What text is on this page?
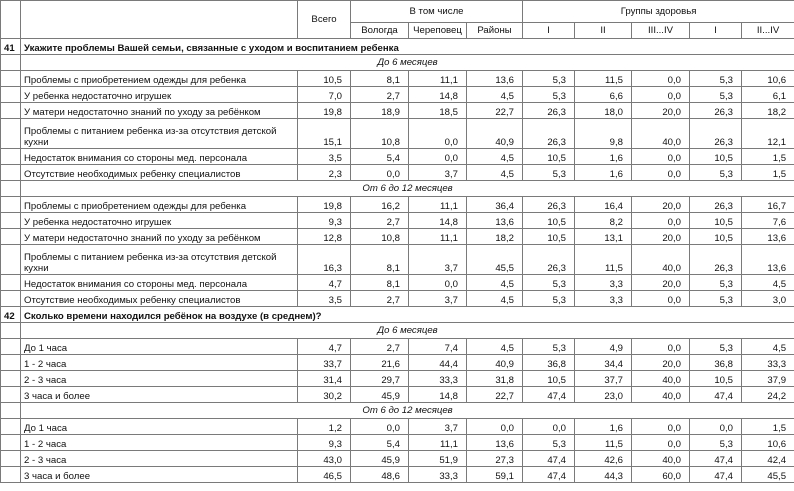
		Всего	В том числе			Группы здоровья				
			Вологда	Череповец	Районы	I	II	III...IV	I	II...IV
41	Укажите проблемы Вашей семьи, связанные с уходом и воспитанием ребенка									
	До 6 месяцев									
	Проблемы с приобретением одежды для ребенка	10,5	8,1	11,1	13,6	5,3	11,5	0,0	5,3	10,6
	У ребенка недостаточно игрушек	7,0	2,7	14,8	4,5	5,3	6,6	0,0	5,3	6,1
	У матери недостаточно знаний по уходу за ребёнком	19,8	18,9	18,5	22,7	26,3	18,0	20,0	26,3	18,2
	Проблемы с питанием ребенка из-за отсутствия детской кухни	15,1	10,8	0,0	40,9	26,3	9,8	40,0	26,3	12,1
	Недостаток внимания со стороны мед. персонала	3,5	5,4	0,0	4,5	10,5	1,6	0,0	10,5	1,5
	Отсутствие необходимых ребенку специалистов	2,3	0,0	3,7	4,5	5,3	1,6	0,0	5,3	1,5
	От 6 до 12 месяцев									
	Проблемы с приобретением одежды для ребенка	19,8	16,2	11,1	36,4	26,3	16,4	20,0	26,3	16,7
	У ребенка недостаточно игрушек	9,3	2,7	14,8	13,6	10,5	8,2	0,0	10,5	7,6
	У матери недостаточно знаний по уходу за ребёнком	12,8	10,8	11,1	18,2	10,5	13,1	20,0	10,5	13,6
	Проблемы с питанием ребенка из-за отсутствия детской кухни	16,3	8,1	3,7	45,5	26,3	11,5	40,0	26,3	13,6
	Недостаток внимания со стороны мед. персонала	4,7	8,1	0,0	4,5	5,3	3,3	20,0	5,3	4,5
	Отсутствие необходимых ребенку специалистов	3,5	2,7	3,7	4,5	5,3	3,3	0,0	5,3	3,0
42	Сколько времени находился ребёнок на воздухе (в среднем)?									
	До 6 месяцев									
	До 1 часа	4,7	2,7	7,4	4,5	5,3	4,9	0,0	5,3	4,5
	1 - 2 часа	33,7	21,6	44,4	40,9	36,8	34,4	20,0	36,8	33,3
	2 - 3 часа	31,4	29,7	33,3	31,8	10,5	37,7	40,0	10,5	37,9
	3 часа и более	30,2	45,9	14,8	22,7	47,4	23,0	40,0	47,4	24,2
	От 6 до 12 месяцев									
	До 1 часа	1,2	0,0	3,7	0,0	0,0	1,6	0,0	0,0	1,5
	1 - 2 часа	9,3	5,4	11,1	13,6	5,3	11,5	0,0	5,3	10,6
	2 - 3 часа	43,0	45,9	51,9	27,3	47,4	42,6	40,0	47,4	42,4
	3 часа и более	46,5	48,6	33,3	59,1	47,4	44,3	60,0	47,4	45,5
